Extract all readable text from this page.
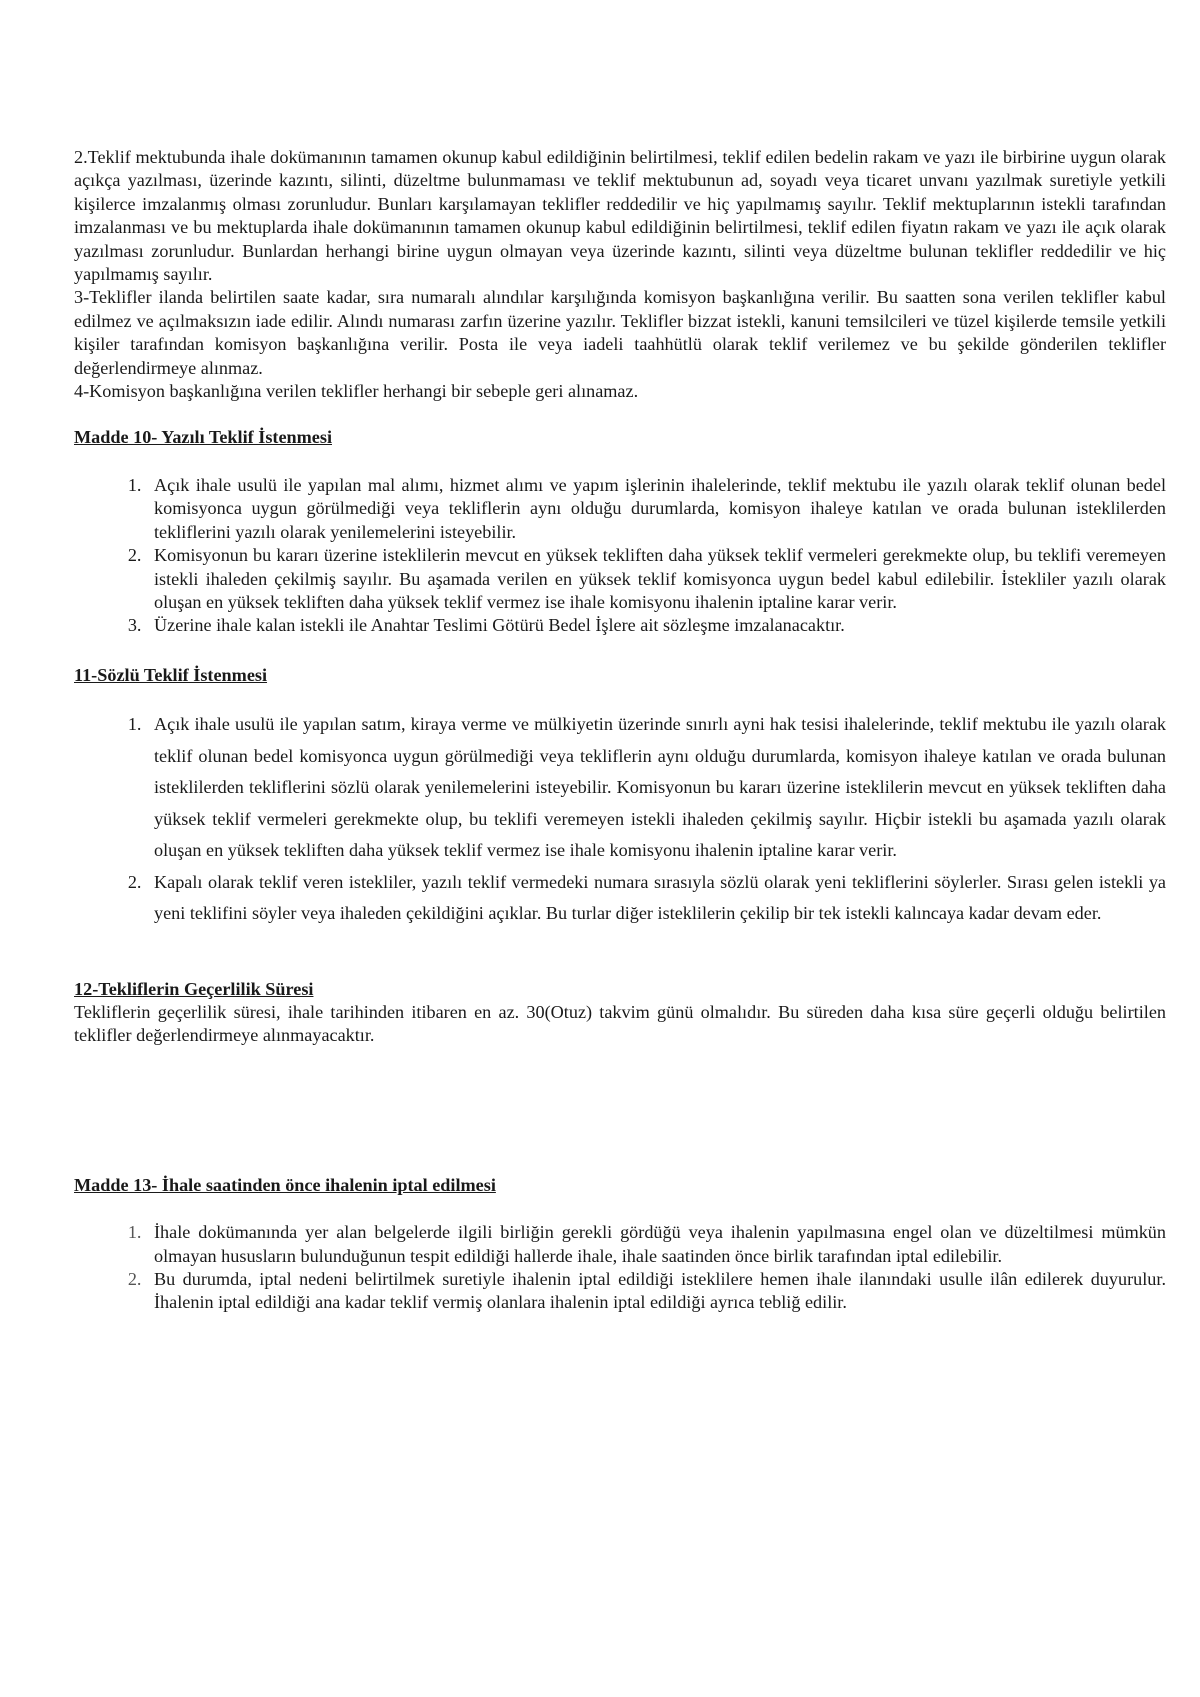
2.Teklif mektubunda ihale dokümanının tamamen okunup kabul edildiğinin belirtilmesi, teklif edilen bedelin rakam ve yazı ile birbirine uygun olarak açıkça yazılması, üzerinde kazıntı, silinti, düzeltme bulunmaması ve teklif mektubunun ad, soyadı veya ticaret unvanı yazılmak suretiyle yetkili kişilerce imzalanmış olması zorunludur. Bunları karşılamayan teklifler reddedilir ve hiç yapılmamış sayılır. Teklif mektuplarının istekli tarafından imzalanması ve bu mektuplarda ihale dokümanının tamamen okunup kabul edildiğinin belirtilmesi, teklif edilen fiyatın rakam ve yazı ile açık olarak yazılması zorunludur. Bunlardan herhangi birine uygun olmayan veya üzerinde kazıntı, silinti veya düzeltme bulunan teklifler reddedilir ve hiç yapılmamış sayılır.

3-Teklifler ilanda belirtilen saate kadar, sıra numaralı alındılar karşılığında komisyon başkanlığına verilir. Bu saatten sona verilen teklifler kabul edilmez ve açılmaksızın iade edilir. Alındı numarası zarfın üzerine yazılır. Teklifler bizzat istekli, kanuni temsilcileri ve tüzel kişilerde temsile yetkili kişiler tarafından komisyon başkanlığına verilir. Posta ile veya iadeli taahhütlü olarak teklif verilemez ve bu şekilde gönderilen teklifler değerlendirmeye alınmaz.

4-Komisyon başkanlığına verilen teklifler herhangi bir sebeple geri alınamaz.

Madde 10- Yazılı Teklif İstenmesi

1. Açık ihale usulü ile yapılan mal alımı, hizmet alımı ve yapım işlerinin ihalelerinde, teklif mektubu ile yazılı olarak teklif olunan bedel komisyonca uygun görülmediği veya tekliflerin aynı olduğu durumlarda, komisyon ihaleye katılan ve orada bulunan isteklilerden tekliflerini yazılı olarak yenilemelerini isteyebilir.
2. Komisyonun bu kararı üzerine isteklilerin mevcut en yüksek tekliften daha yüksek teklif vermeleri gerekmekte olup, bu teklifi veremeyen istekli ihaleden çekilmiş sayılır. Bu aşamada verilen en yüksek teklif komisyonca uygun bedel kabul edilebilir. İstekliler yazılı olarak oluşan en yüksek tekliften daha yüksek teklif vermez ise ihale komisyonu ihalenin iptaline karar verir.
3. Üzerine ihale kalan istekli ile Anahtar Teslimi Götürü Bedel İşlere ait sözleşme imzalanacaktır.

11-Sözlü Teklif İstenmesi

1. Açık ihale usulü ile yapılan satım, kiraya verme ve mülkiyetin üzerinde sınırlı ayni hak tesisi ihalelerinde, teklif mektubu ile yazılı olarak teklif olunan bedel komisyonca uygun görülmediği veya tekliflerin aynı olduğu durumlarda, komisyon ihaleye katılan ve orada bulunan isteklilerden tekliflerini sözlü olarak yenilemelerini isteyebilir. Komisyonun bu kararı üzerine isteklilerin mevcut en yüksek tekliften daha yüksek teklif vermeleri gerekmekte olup, bu teklifi veremeyen istekli ihaleden çekilmiş sayılır. Hiçbir istekli bu aşamada yazılı olarak oluşan en yüksek tekliften daha yüksek teklif vermez ise ihale komisyonu ihalenin iptaline karar verir.
2. Kapalı olarak teklif veren istekliler, yazılı teklif vermedeki numara sırasıyla sözlü olarak yeni tekliflerini söylerler. Sırası gelen istekli ya yeni teklifini söyler veya ihaleden çekildiğini açıklar. Bu turlar diğer isteklilerin çekilip bir tek istekli kalıncaya kadar devam eder.

12-Tekliflerin Geçerlilik Süresi

Tekliflerin geçerlilik süresi, ihale tarihinden itibaren en az. 30(Otuz) takvim günü olmalıdır. Bu süreden daha kısa süre geçerli olduğu belirtilen teklifler değerlendirmeye alınmayacaktır.

Madde 13- İhale saatinden önce ihalenin iptal edilmesi

1. İhale dokümanında yer alan belgelerde ilgili birliğin gerekli gördüğü veya ihalenin yapılmasına engel olan ve düzeltilmesi mümkün olmayan hususların bulunduğunun tespit edildiği hallerde ihale, ihale saatinden önce birlik tarafından iptal edilebilir.
2. Bu durumda, iptal nedeni belirtilmek suretiyle ihalenin iptal edildiği isteklilere hemen ihale ilanındaki usulle ilân edilerek duyurulur. İhalenin iptal edildiği ana kadar teklif vermiş olanlara ihalenin iptal edildiği ayrıca tebliğ edilir.
